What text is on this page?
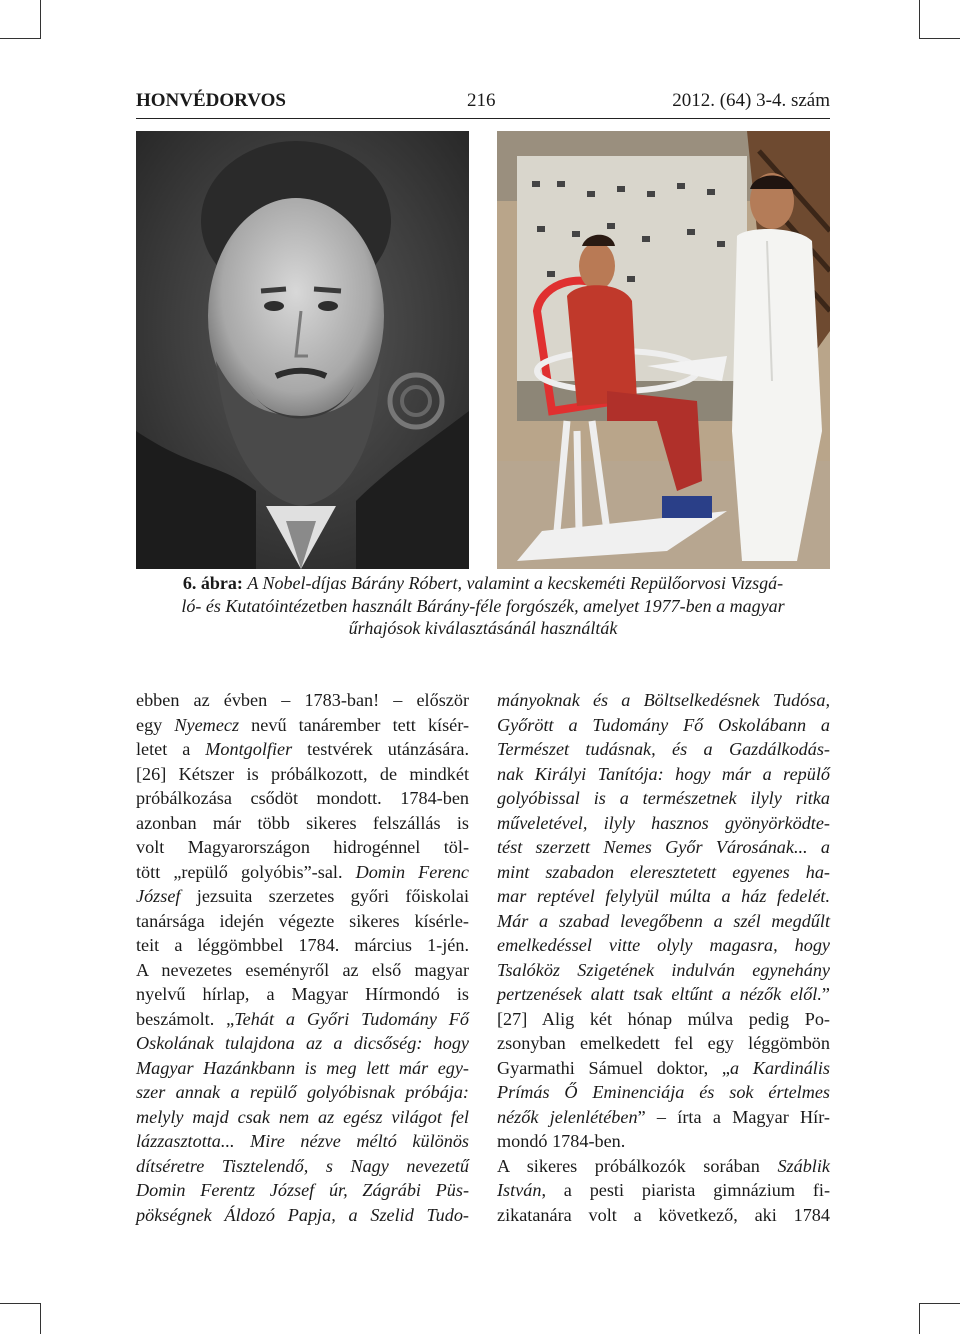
HONVÉDORVOS	216	2012. (64) 3-4. szám
6. ábra: A Nobel-díjas Bárány Róbert, valamint a kecskeméti Repülőorvosi Vizsgá-
ló- és Kutatóintézetben használt Bárány-féle forgószék, amelyet 1977-ben a magyar
űrhajósok kiválasztásánál használták
ebben az évben – 1783-ban! – először
egy Nyemecz nevű tanárember tett kísér-
letet a Montgolfier testvérek utánzására.
[26] Kétszer is próbálkozott, de mindkét
próbálkozása csődöt mondott. 1784-ben
azonban már több sikeres felszállás is
volt Magyarországon hidrogénnel töl-
tött „repülő golyóbis”-sal. Domin Ferenc
József jezsuita szerzetes győri főiskolai
tanársága idején végezte sikeres kísérle-
teit a léggömbbel 1784. március 1-jén.
A nevezetes eseményről az első magyar
nyelvű hírlap, a Magyar Hírmondó is
beszámolt. „Tehát a Győri Tudomány Fő
Oskolának tulajdona az a dicsőség: hogy
Magyar Hazánkbann is meg lett már egy-
szer annak a repülő golyóbisnak próbája:
melyly majd csak nem az egész világot fel
lázzasztotta... Mire nézve méltó különös
dítséretre Tisztelendő, s Nagy nevezetű
Domin Ferentz József úr, Zágrábi Püs-
pökségnek Áldozó Papja, a Szelid Tudo-
mányoknak és a Böltselkedésnek Tudósa,
Győrött a Tudomány Fő Oskolábann a
Természet tudásnak, és a Gazdálkodás-
nak Királyi Tanítója: hogy már a repülő
golyóbissal is a természetnek ilyly ritka
műveletével, ilyly hasznos gyönyörködte-
tést szerzett Nemes Győr Városának... a
mint szabadon eleresztetett egyenes ha-
mar reptével felylyül múlta a ház fedelét.
Már a szabad levegőbenn a szél megdűlt
emelkedéssel vitte olyly magasra, hogy
Tsalóköz Szigetének indulván egynehány
pertzenések alatt tsak eltűnt a nézők elől.”
[27] Alig két hónap múlva pedig Po-
zsonyban emelkedett fel egy léggömbön
Gyarmathi Sámuel doktor, „a Kardinális
Prímás Ő Eminenciája és sok értelmes
nézők jelenlétében” – írta a Magyar Hír-
mondó 1784-ben.
A sikeres próbálkozók sorában Száblik
István, a pesti piarista gimnázium fi-
zikatanára volt a következő, aki 1784
